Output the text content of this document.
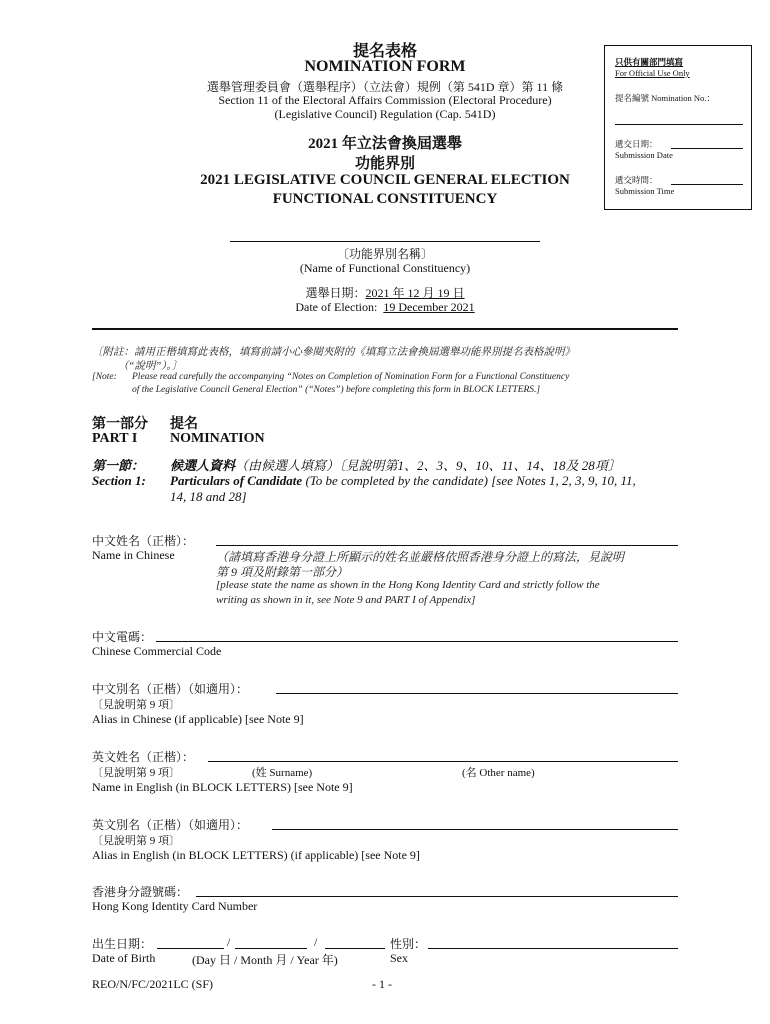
提名表格
NOMINATION FORM
選舉管理委員會（選舉程序）（立法會）規例（第 541D 章）第 11 條
Section 11 of the Electoral Affairs Commission (Electoral Procedure)
(Legislative Council) Regulation (Cap. 541D)
2021 年立法會換屆選舉
功能界別
2021 LEGISLATIVE COUNCIL GENERAL ELECTION
FUNCTIONAL CONSTITUENCY
只供有關部門填寫
For Official Use Only
提名編號 Nomination No.：
遞交日期：
Submission Date
遞交時間：
Submission Time
〔功能界別名稱〕
(Name of Functional Constituency)
選舉日期：2021 年 12 月 19 日
Date of Election: 19 December 2021
〔附註：請用正楷填寫此表格，填寫前請小心參閱夾附的《填寫立法會換屆選舉功能界別提名表格說明》
（“說明”）。〕
[Note: Please read carefully the accompanying “Notes on Completion of Nomination Form for a Functional Constituency
of the Legislative Council General Election” (“Notes”) before completing this form in BLOCK LETTERS.]
第一部分 提名
PART I NOMINATION
第一節： 候選人資料（由候選人填寫）〔見說明第1、2、3、9、10、11、14、18及 28項〕
Section 1: Particulars of Candidate (To be completed by the candidate) [see Notes 1, 2, 3, 9, 10, 11,
14, 18 and 28]
中文姓名（正楷）：
Name in Chinese	（請填寫香港身分證上所顯示的姓名並嚴格依照香港身分證上的寫法，見說明
第 9 項及附錄第一部分）
[please state the name as shown in the Hong Kong Identity Card and strictly follow the
writing as shown in it, see Note 9 and PART I of Appendix]
中文電碼：
Chinese Commercial Code
中文別名（正楷）（如適用）：
〔見說明第 9 項〕
Alias in Chinese (if applicable) [see Note 9]
英文姓名（正楷）：
〔見說明第 9 項〕	(姓 Surname)	(名 Other name)
Name in English (in BLOCK LETTERS) [see Note 9]
英文別名（正楷）（如適用）：
〔見說明第 9 項〕
Alias in English (in BLOCK LETTERS) (if applicable) [see Note 9]
香港身分證號碼：
Hong Kong Identity Card Number
出生日期：	/	/	性別：
Date of Birth	(Day 日 / Month 月 / Year 年)	Sex
REO/N/FC/2021LC (SF)	- 1 -
